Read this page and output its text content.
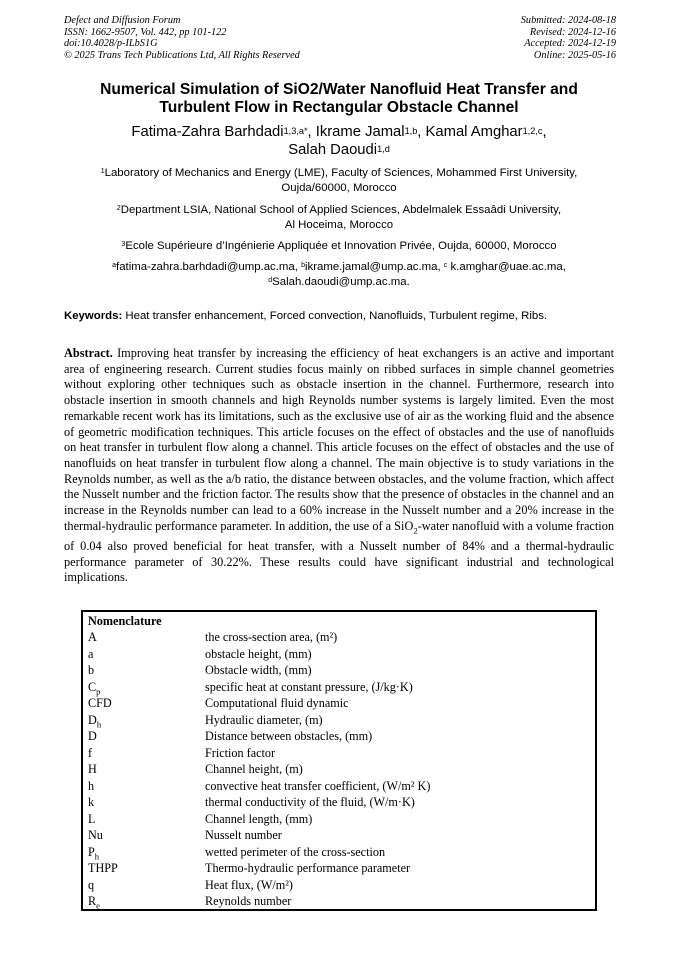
Defect and Diffusion Forum
ISSN: 1662-9507, Vol. 442, pp 101-122
doi:10.4028/p-ILbS1G
© 2025 Trans Tech Publications Ltd, All Rights Reserved
Submitted: 2024-08-18
Revised: 2024-12-16
Accepted: 2024-12-19
Online: 2025-05-16
Numerical Simulation of SiO2/Water Nanofluid Heat Transfer and
Turbulent Flow in Rectangular Obstacle Channel
Fatima-Zahra Barhdadi$^{1,3,a*}$, Ikrame Jamal$^{1,b}$, Kamal Amghar$^{1,2,c}$,
Salah Daoudi$^{1,d}$
$^1$Laboratory of Mechanics and Energy (LME), Faculty of Sciences, Mohammed First University,
Oujda/60000, Morocco
$^2$Department LSIA, National School of Applied Sciences, Abdelmalek Essaâdi University,
Al Hoceima, Morocco
$^3$Ecole Supérieure d’Ingénierie Appliquée et Innovation Privée, Oujda, 60000, Morocco
$^a$fatima-zahra.barhdadi@ump.ac.ma, $^b$ikrame.jamal@ump.ac.ma, $^c$ k.amghar@uae.ac.ma,
$^d$Salah.daoudi@ump.ac.ma.
Keywords: Heat transfer enhancement, Forced convection, Nanofluids, Turbulent regime, Ribs.
Abstract. Improving heat transfer by increasing the efficiency of heat exchangers is an active and important area of engineering research. Current studies focus mainly on ribbed surfaces in simple channel geometries without exploring other techniques such as obstacle insertion in the channel. Furthermore, research into obstacle insertion in smooth channels and high Reynolds number systems is largely limited. Even the most remarkable recent work has its limitations, such as the exclusive use of air as the working fluid and the absence of geometric modification techniques. This article focuses on the effect of obstacles and the use of nanofluids on heat transfer in turbulent flow along a channel. This article focuses on the effect of obstacles and the use of nanofluids on heat transfer in turbulent flow along a channel. The main objective is to study variations in the Reynolds number, as well as the a/b ratio, the distance between obstacles, and the volume fraction, which affect the Nusselt number and the friction factor. The results show that the presence of obstacles in the channel and an increase in the Reynolds number can lead to a 60% increase in the Nusselt number and a 20% increase in the thermal-hydraulic performance parameter. In addition, the use of a SiO$_2$-water nanofluid with a volume fraction of 0.04 also proved beneficial for heat transfer, with a Nusselt number of 84% and a thermal-hydraulic performance parameter of 30.22%. These results could have significant industrial and technological implications.
Nomenclature
A	the cross-section area, (m²)
a	obstacle height, (mm)
b	Obstacle width, (mm)
$C_p$	specific heat at constant pressure, (J/kg·K)
CFD	Computational fluid dynamic
$D_h$	Hydraulic diameter, (m)
D	Distance between obstacles, (mm)
f	Friction factor
H	Channel height, (m)
h	convective heat transfer coefficient, (W/m² K)
k	thermal conductivity of the fluid, (W/m·K)
L	Channel length, (mm)
Nu	Nusselt number
$P_h$	wetted perimeter of the cross-section
THPP	Thermo-hydraulic performance parameter
q	Heat flux, (W/m²)
$R_e$	Reynolds number
